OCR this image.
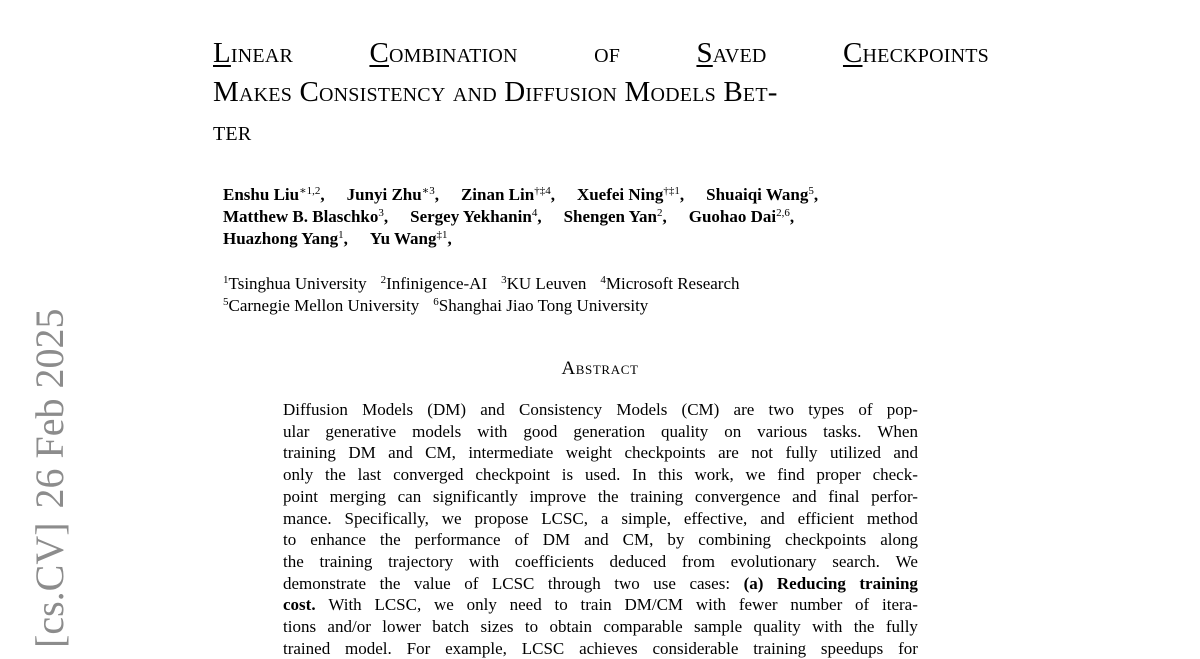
[cs.CV]26 Feb 2025
Linear	Combination	of	Saved	Checkpoints
Makes Consistency and Diffusion Models Bet-
ter
Enshu Liu$^{∗1,2}$, Junyi Zhu$^{∗3}$, Zinan Lin$^{\dagger\ddagger 4}$, Xuefei Ning$^{\dagger\ddagger 1}$, Shuaiqi Wang$^5$,
Matthew B. Blaschko$^3$, Sergey Yekhanin$^4$, Shengen Yan$^2$, Guohao Dai$^{2,6}$,
Huazhong Yang$^1$, Yu Wang$^{\ddagger 1}$,
$^1$Tsinghua University $^2$Infinigence-AI $^3$KU Leuven $^4$Microsoft Research
$^5$Carnegie Mellon University $^6$Shanghai Jiao Tong University
Abstract
Diffusion Models (DM) and Consistency Models (CM) are two types of pop-
ular generative models with good generation quality on various tasks. When
training DM and CM, intermediate weight checkpoints are not fully utilized and
only the last converged checkpoint is used. In this work, we find proper check-
point merging can significantly improve the training convergence and final perfor-
mance. Specifically, we propose LCSC, a simple, effective, and efficient method
to enhance the performance of DM and CM, by combining checkpoints along
the training trajectory with coefficients deduced from evolutionary search. We
demonstrate the value of LCSC through two use cases: (a) Reducing training
cost. With LCSC, we only need to train DM/CM with fewer number of itera-
tions and/or lower batch sizes to obtain comparable sample quality with the fully
trained model. For example, LCSC achieves considerable training speedups for
